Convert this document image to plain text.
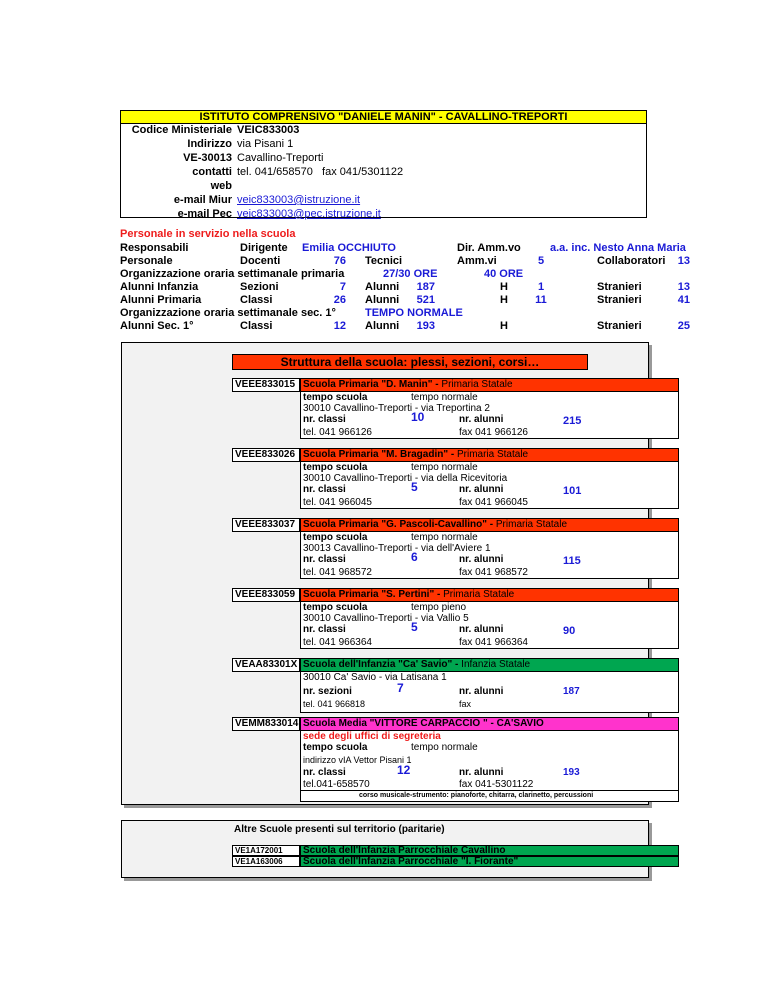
ISTITUTO COMPRENSIVO "DANIELE MANIN" - CAVALLINO-TREPORTI
Codice Ministeriale VEIC833003
Indirizzo via Pisani 1
VE-30013 Cavallino-Treporti
contatti tel. 041/658570   fax 041/5301122
web
e-mail Miur veic833003@istruzione.it
e-mail Pec veic833003@pec.istruzione.it
Personale in servizio nella scuola
Responsabili	Dirigente Emilia OCCHIUTO	Dir. Amm.vo	a.a. inc. Nesto Anna Maria
Personale	Docenti	76 Tecnici	Amm.vi	5	Collaboratori	13
Organizzazione oraria settimanale primaria	27/30 ORE	40 ORE
Alunni Infanzia	Sezioni	7 Alunni	187	H	1	Stranieri	13
Alunni Primaria	Classi	26 Alunni	521	H	11	Stranieri	41
Organizzazione oraria settimanale sec. 1°	TEMPO NORMALE
Alunni Sec. 1°	Classi	12 Alunni	193	H	Stranieri	25
Struttura della scuola: plessi, sezioni, corsi…
VEEE833015 Scuola Primaria "D. Manin" - Primaria Statale
tempo scuola	tempo normale
30010 Cavallino-Treporti - via Treportina 2
nr. classi	10	nr. alunni	215
tel. 041 966126	fax 041 966126
VEEE833026 Scuola Primaria "M. Bragadin" - Primaria Statale
tempo scuola	tempo normale
30010 Cavallino-Treporti - via della Ricevitoria
nr. classi	5	nr. alunni	101
tel. 041 966045	fax 041 966045
VEEE833037 Scuola Primaria "G. Pascoli-Cavallino" - Primaria Statale
tempo scuola	tempo normale
30013 Cavallino-Treporti - via dell'Aviere 1
nr. classi	6	nr. alunni	115
tel. 041 968572	fax 041 968572
VEEE833059 Scuola Primaria "S. Pertini" - Primaria Statale
tempo scuola	tempo pieno
30010 Cavallino-Treporti - via Vallio 5
nr. classi	5	nr. alunni	90
tel. 041 966364	fax 041 966364
VEAA83301X Scuola dell'Infanzia "Ca' Savio" - Infanzia Statale
30010 Ca' Savio - via Latisana 1
nr. sezioni	7	nr. alunni	187
tel. 041 966818	fax
VEMM833014 Scuola Media "VITTORE CARPACCIO " - CA'SAVIO
sede degli uffici di segreteria
tempo scuola	tempo normale
indirizzo vIA Vettor Pisani 1
nr. classi	12	nr. alunni	193
tel.041-658570	fax 041-5301122
corso musicale-strumento: pianoforte, chitarra, clarinetto, percussioni
Altre Scuole presenti sul territorio (paritarie)
VE1A172001	Scuola dell'Infanzia Parrocchiale Cavallino
VE1A163006	Scuola dell'Infanzia Parrocchiale "I. Fiorante"
